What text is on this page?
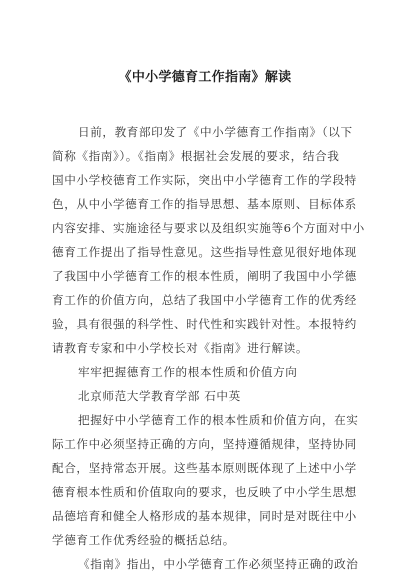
《中小学德育工作指南》解读
日前，教育部印发了《中小学德育工作指南》（以下
简称《指南》）。《指南》根据社会发展的要求，结合我
国中小学校德育工作实际，突出中小学德育工作的学段特
色，从中小学德育工作的指导思想、基本原则、目标体系
内容安排、实施途径与要求以及组织实施等6个方面对中小
德育工作提出了指导性意见。这些指导性意见很好地体现
了我国中小学德育工作的根本性质，阐明了我国中小学德
育工作的价值方向，总结了我国中小学德育工作的优秀经
验，具有很强的科学性、时代性和实践针对性。本报特约
请教育专家和中小学校长对《指南》进行解读。
牢牢把握德育工作的根本性质和价值方向
北京师范大学教育学部 石中英
把握好中小学德育工作的根本性质和价值方向，在实
际工作中必须坚持正确的方向，坚持遵循规律，坚持协同
配合，坚持常态开展。这些基本原则既体现了上述中小学
德育根本性质和价值取向的要求，也反映了中小学生思想
品德培育和健全人格形成的基本规律，同时是对既往中小
学德育工作优秀经验的概括总结。
《指南》指出，中小学德育工作必须坚持正确的政治
